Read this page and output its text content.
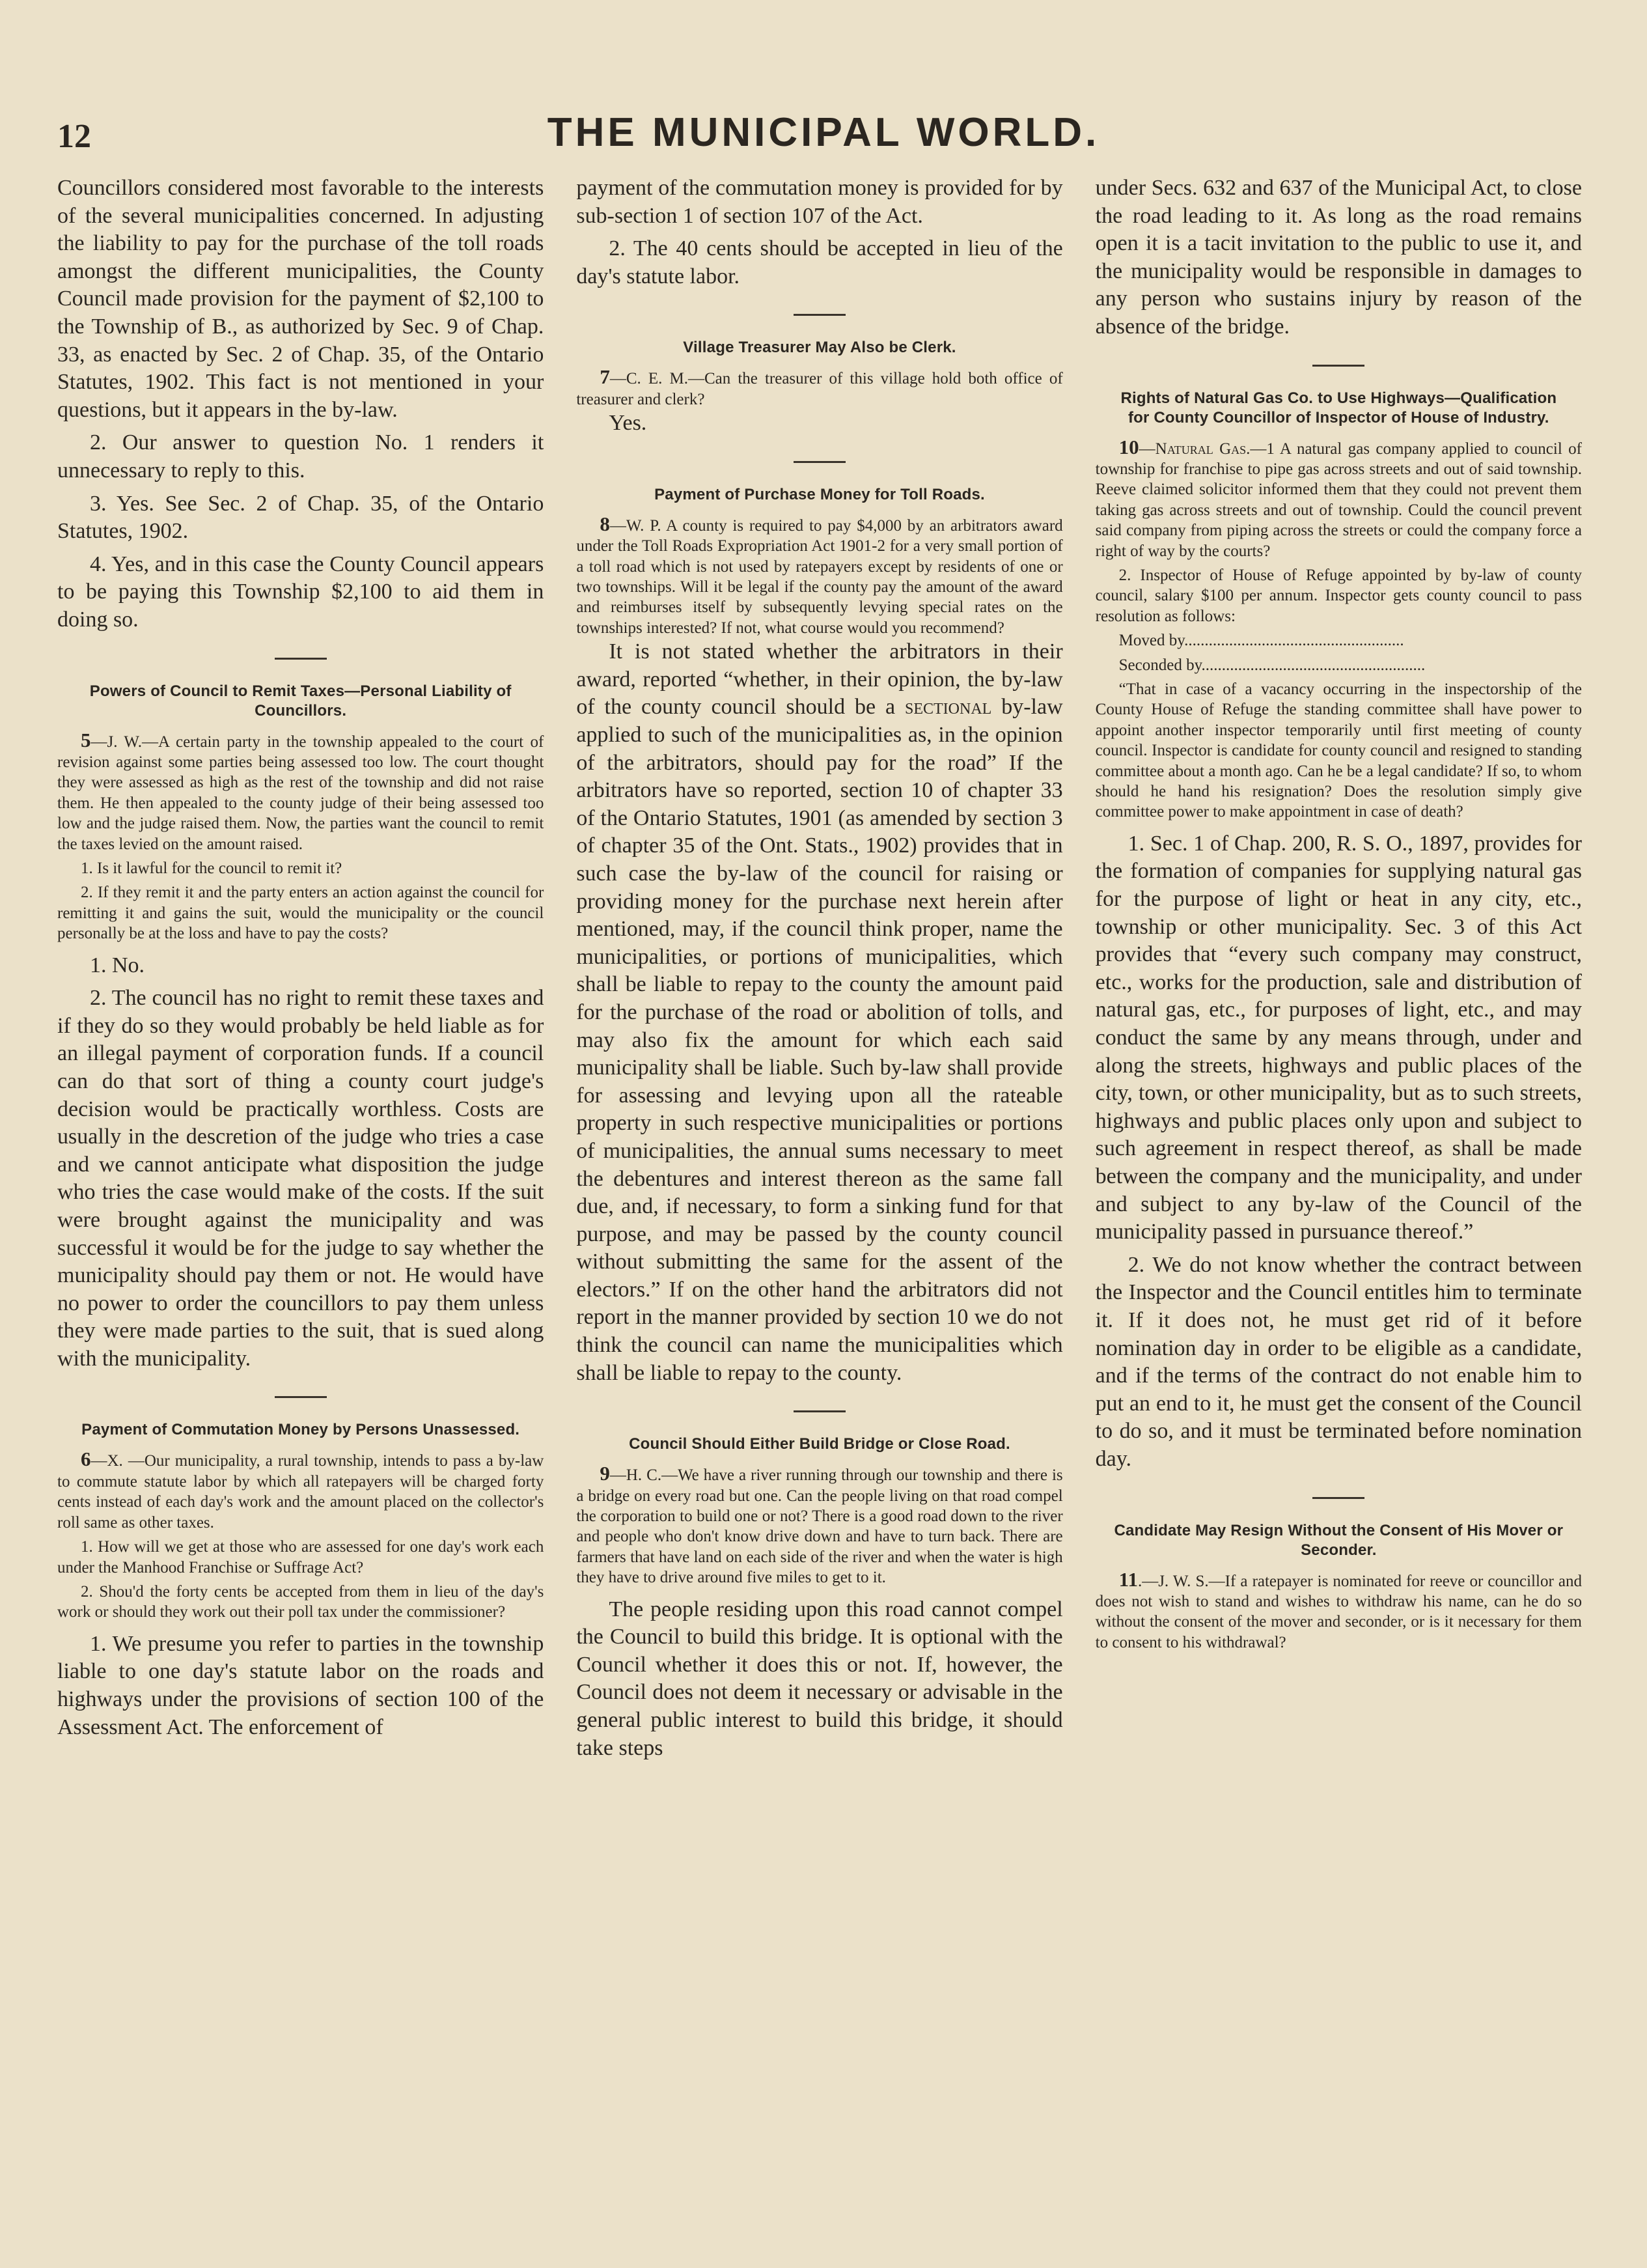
12	THE MUNICIPAL WORLD.

Councillors considered most favorable to the interests of the several municipalities concerned. In adjusting the liability to pay for the purchase of the toll roads amongst the different municipalities, the County Council made provision for the payment of $2,100 to the Township of B., as authorized by Sec. 9 of Chap. 33, as enacted by Sec. 2 of Chap. 35, of the Ontario Statutes, 1902. This fact is not mentioned in your questions, but it appears in the by-law.

2. Our answer to question No. 1 renders it unnecessary to reply to this.

3. Yes. See Sec. 2 of Chap. 35, of the Ontario Statutes, 1902.

4. Yes, and in this case the County Council appears to be paying this Township $2,100 to aid them in doing so.

Powers of Council to Remit Taxes—Personal Liability of Councillors.

5—J. W.—A certain party in the township appealed to the court of revision against some parties being assessed too low. The court thought they were assessed as high as the rest of the township and did not raise them. He then appealed to the county judge of their being assessed too low and the judge raised them. Now, the parties want the council to remit the taxes levied on the amount raised.

1. Is it lawful for the council to remit it?

2. If they remit it and the party enters an action against the council for remitting it and gains the suit, would the municipality or the council personally be at the loss and have to pay the costs?

1. No.

2. The council has no right to remit these taxes and if they do so they would probably be held liable as for an illegal payment of corporation funds. If a council can do that sort of thing a county court judge's decision would be practically worthless. Costs are usually in the descretion of the judge who tries a case and we cannot anticipate what disposition the judge who tries the case would make of the costs. If the suit were brought against the municipality and was successful it would be for the judge to say whether the municipality should pay them or not. He would have no power to order the councillors to pay them unless they were made parties to the suit, that is sued along with the municipality.

Payment of Commutation Money by Persons Unassessed.

6—X. —Our municipality, a rural township, intends to pass a by-law to commute statute labor by which all ratepayers will be charged forty cents instead of each day's work and the amount placed on the collector's roll same as other taxes.

1. How will we get at those who are assessed for one day's work each under the Manhood Franchise or Suffrage Act?

2. Shou'd the forty cents be accepted from them in lieu of the day's work or should they work out their poll tax under the commissioner?

1. We presume you refer to parties in the township liable to one day's statute labor on the roads and highways under the provisions of section 100 of the Assessment Act. The enforcement of

payment of the commutation money is provided for by sub-section 1 of section 107 of the Act.

2. The 40 cents should be accepted in lieu of the day's statute labor.

Village Treasurer May Also be Clerk.

7—C. E. M.—Can the treasurer of this village hold both office of treasurer and clerk?

Yes.

Payment of Purchase Money for Toll Roads.

8—W. P. A county is required to pay $4,000 by an arbitrators award under the Toll Roads Expropriation Act 1901-2 for a very small portion of a toll road which is not used by ratepayers except by residents of one or two townships. Will it be legal if the county pay the amount of the award and reimburses itself by subsequently levying special rates on the townships interested? If not, what course would you recommend?

It is not stated whether the arbitrators in their award, reported “whether, in their opinion, the by-law of the county council should be a sectional by-law applied to such of the municipalities as, in the opinion of the arbitrators, should pay for the road” If the arbitrators have so reported, section 10 of chapter 33 of the Ontario Statutes, 1901 (as amended by section 3 of chapter 35 of the Ont. Stats., 1902) provides that in such case the by-law of the council for raising or providing money for the purchase next herein after mentioned, may, if the council think proper, name the municipalities, or portions of municipalities, which shall be liable to repay to the county the amount paid for the purchase of the road or abolition of tolls, and may also fix the amount for which each said municipality shall be liable. Such by-law shall provide for assessing and levying upon all the rateable property in such respective municipalities or portions of municipalities, the annual sums necessary to meet the debentures and interest thereon as the same fall due, and, if necessary, to form a sinking fund for that purpose, and may be passed by the county council without submitting the same for the assent of the electors.” If on the other hand the arbitrators did not report in the manner provided by section 10 we do not think the council can name the municipalities which shall be liable to repay to the county.

Council Should Either Build Bridge or Close Road.

9—H. C.—We have a river running through our township and there is a bridge on every road but one. Can the people living on that road compel the corporation to build one or not? There is a good road down to the river and people who don't know drive down and have to turn back. There are farmers that have land on each side of the river and when the water is high they have to drive around five miles to get to it.

The people residing upon this road cannot compel the Council to build this bridge. It is optional with the Council whether it does this or not. If, however, the Council does not deem it necessary or advisable in the general public interest to build this bridge, it should take steps

under Secs. 632 and 637 of the Municipal Act, to close the road leading to it. As long as the road remains open it is a tacit invitation to the public to use it, and the municipality would be responsible in damages to any person who sustains injury by reason of the absence of the bridge.

Rights of Natural Gas Co. to Use Highways—Qualification for County Councillor of Inspector of House of Industry.

10—Natural Gas.—1 A natural gas company applied to council of township for franchise to pipe gas across streets and out of said township. Reeve claimed solicitor informed them that they could not prevent them taking gas across streets and out of township. Could the council prevent said company from piping across the streets or could the company force a right of way by the courts?

2. Inspector of House of Refuge appointed by by-law of county council, salary $100 per annum. Inspector gets county council to pass resolution as follows:

Moved by......................................................
Seconded by.......................................................

“That in case of a vacancy occurring in the inspectorship of the County House of Refuge the standing committee shall have power to appoint another inspector temporarily until first meeting of county council. Inspector is candidate for county council and resigned to standing committee about a month ago. Can he be a legal candidate? If so, to whom should he hand his resignation? Does the resolution simply give committee power to make appointment in case of death?

1. Sec. 1 of Chap. 200, R. S. O., 1897, provides for the formation of companies for supplying natural gas for the purpose of light or heat in any city, etc., township or other municipality. Sec. 3 of this Act provides that “every such company may construct, etc., works for the production, sale and distribution of natural gas, etc., for purposes of light, etc., and may conduct the same by any means through, under and along the streets, highways and public places of the city, town, or other municipality, but as to such streets, highways and public places only upon and subject to such agreement in respect thereof, as shall be made between the company and the municipality, and under and subject to any by-law of the Council of the municipality passed in pursuance thereof.”

2. We do not know whether the contract between the Inspector and the Council entitles him to terminate it. If it does not, he must get rid of it before nomination day in order to be eligible as a candidate, and if the terms of the contract do not enable him to put an end to it, he must get the consent of the Council to do so, and it must be terminated before nomination day.

Candidate May Resign Without the Consent of His Mover or Seconder.

11.—J. W. S.—If a ratepayer is nominated for reeve or councillor and does not wish to stand and wishes to withdraw his name, can he do so without the consent of the mover and seconder, or is it necessary for them to consent to his withdrawal?
